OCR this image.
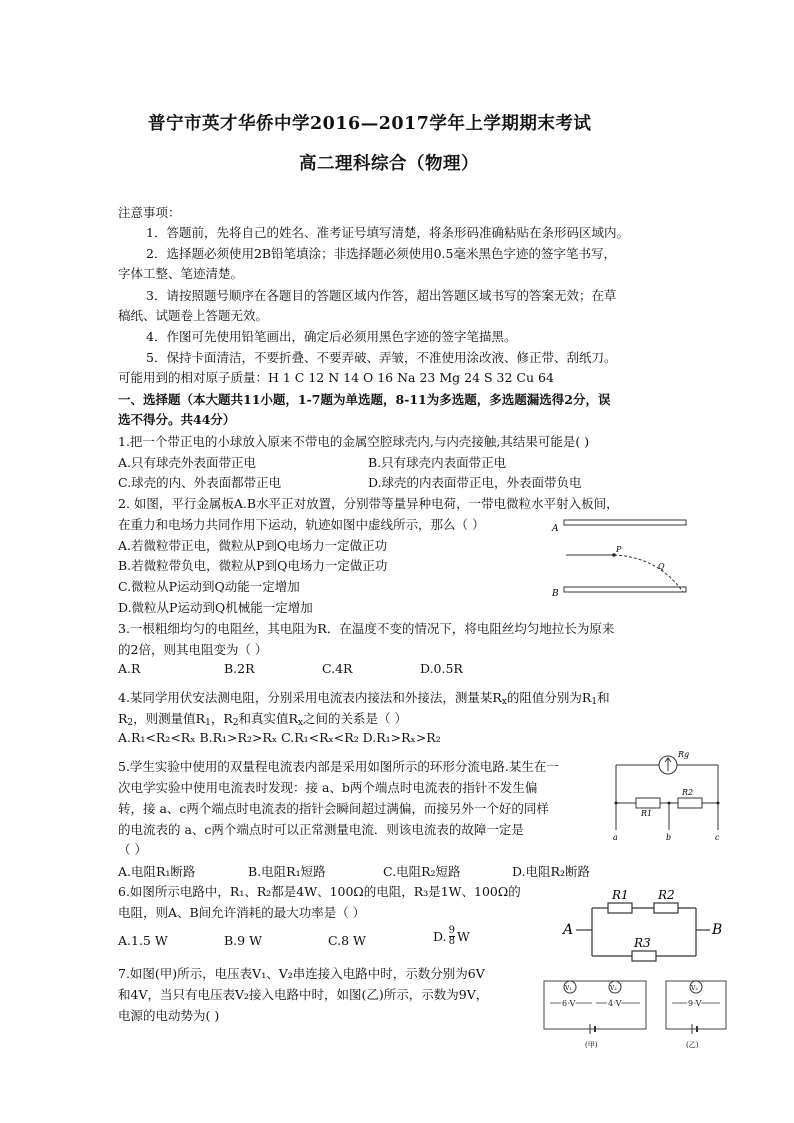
普宁市英才华侨中学2016—2017学年上学期期末考试
高二理科综合（物理）
注意事项：
1．答题前，先将自己的姓名、准考证号填写清楚，将条形码准确粘贴在条形码区域内。
2．选择题必须使用2B铅笔填涂；非选择题必须使用0.5毫米黑色字迹的签字笔书写，
字体工整、笔迹清楚。
3．请按照题号顺序在各题目的答题区域内作答，超出答题区域书写的答案无效；在草
稿纸、试题卷上答题无效。
4．作图可先使用铅笔画出，确定后必须用黑色字迹的签字笔描黑。
5．保持卡面清洁，不要折叠、不要弄破、弄皱，不准使用涂改液、修正带、刮纸刀。
可能用到的相对原子质量：H 1 C 12 N 14 O 16 Na 23 Mg 24 S 32 Cu 64
一、选择题（本大题共11小题，1-7题为单选题，8-11为多选题，多选题漏选得2分，误
选不得分。共44分）
1.把一个带正电的小球放入原来不带电的金属空腔球壳内,与内壳接触,其结果可能是( )
A.只有球壳外表面带正电	B.只有球壳内表面带正电
C.球壳的内、外表面都带正电	D.球壳的内表面带正电，外表面带负电
2. 如图，平行金属板A.B水平正对放置，分别带等量异种电荷，一带电微粒水平射入板间，
在重力和电场力共同作用下运动，轨迹如图中虚线所示，那么（ ）
A.若微粒带正电，微粒从P到Q电场力一定做正功
B.若微粒带负电，微粒从P到Q电场力一定做正功
C.微粒从P运动到Q动能一定增加
D.微粒从P运动到Q机械能一定增加
A
B
P
Q
3.一根粗细均匀的电阻丝，其电阻为R．在温度不变的情况下，将电阻丝均匀地拉长为原来
的2倍，则其电阻变为（ ）
A.R	B.2R	C.4R	D.0.5R
4.某同学用伏安法测电阻，分别采用电流表内接法和外接法，测量某$R_x$的阻值分别为$R_1$和
$R_2$，则测量值$R_1$，$R_2$和真实值$R_x$之间的关系是（ ）
A.R₁<R₂<Rₓ B.R₁>R₂>Rₓ C.R₁<Rₓ<R₂ D.R₁>Rₓ>R₂
5.学生实验中使用的双量程电流表内部是采用如图所示的环形分流电路.某生在一
次电学实验中使用电流表时发现：接 a、b两个端点时电流表的指针不发生偏
转，接 a、c两个端点时电流表的指针会瞬间超过满偏，而接另外一个好的同样
的电流表的 a、c两个端点时可以正常测量电流．则该电流表的故障一定是
（ ）
A.电阻R₁断路	B.电阻R₁短路	C.电阻R₂短路	D.电阻R₂断路
Rg
R1
R2
a	b	c
6.如图所示电路中，R₁、R₂都是4W、100Ω的电阻，R₃是1W、100Ω的
电阻，则A、B间允许消耗的最大功率是（ ）
A.1.5 W	B.9 W	C.8 W	D. $\frac{9}{8}$ W	A	B
R1 R2
R3
7.如图(甲)所示，电压表V₁、V₂串连接入电路中时，示数分别为6V
和4V，当只有电压表V₂接入电路中时，如图(乙)所示，示数为9V，
电源的电动势为( )
V₁	V₂
6 V	4 V
(甲)
V₂
9 V
(乙)
